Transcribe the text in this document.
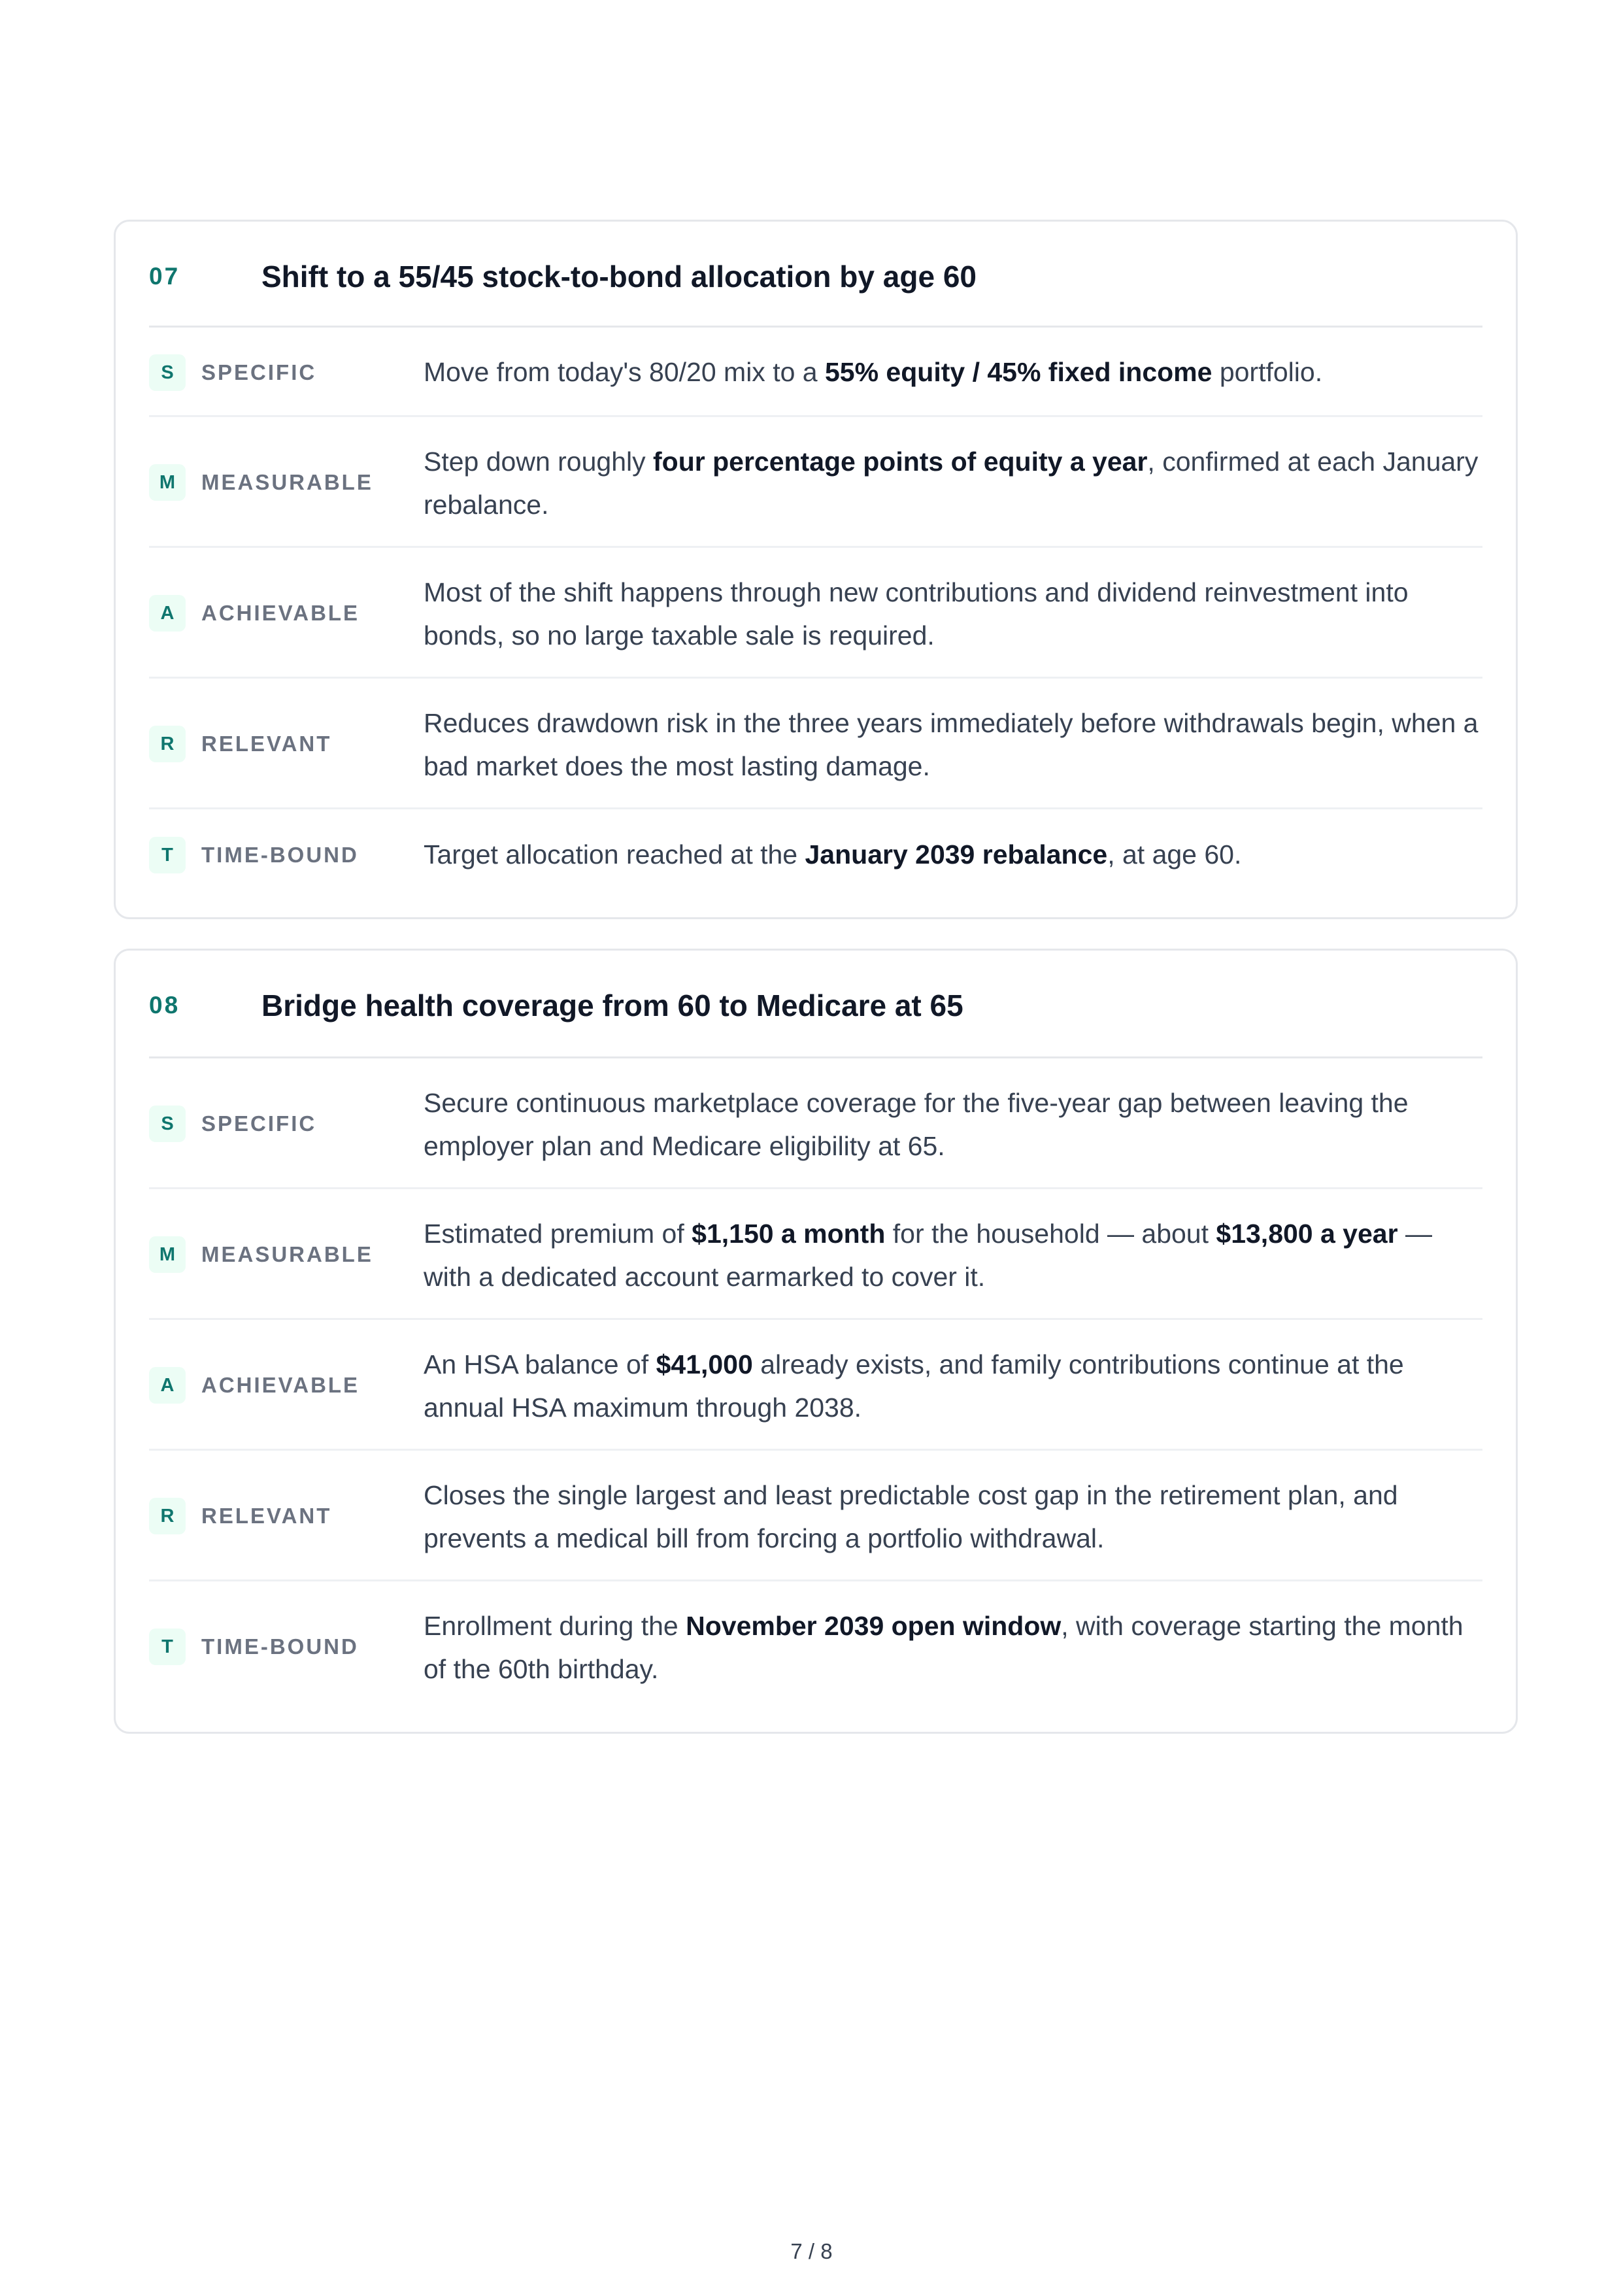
07	Shift to a 55/45 stock-to-bond allocation by age 60
S	SPECIFIC	Move from today's 80/20 mix to a 55% equity / 45% fixed income portfolio.
M	MEASURABLE
Step down roughly four percentage points of equity a year, confirmed at each January rebalance.
A	ACHIEVABLE
Most of the shift happens through new contributions and dividend reinvestment into bonds, so no large taxable sale is required.
R	RELEVANT
Reduces drawdown risk in the three years immediately before withdrawals begin, when a bad market does the most lasting damage.
T	TIME-BOUND Target allocation reached at the January 2039 rebalance, at age 60.
08	Bridge health coverage from 60 to Medicare at 65
S	SPECIFIC
Secure continuous marketplace coverage for the five-year gap between leaving the employer plan and Medicare eligibility at 65.
M	MEASURABLE
Estimated premium of $1,150 a month for the household — about $13,800 a year — with a dedicated account earmarked to cover it.
A	ACHIEVABLE
An HSA balance of $41,000 already exists, and family contributions continue at the annual HSA maximum through 2038.
R	RELEVANT
Closes the single largest and least predictable cost gap in the retirement plan, and prevents a medical bill from forcing a portfolio withdrawal.
T	TIME-BOUND
Enrollment during the November 2039 open window, with coverage starting the month of the 60th birthday.
7 / 8
